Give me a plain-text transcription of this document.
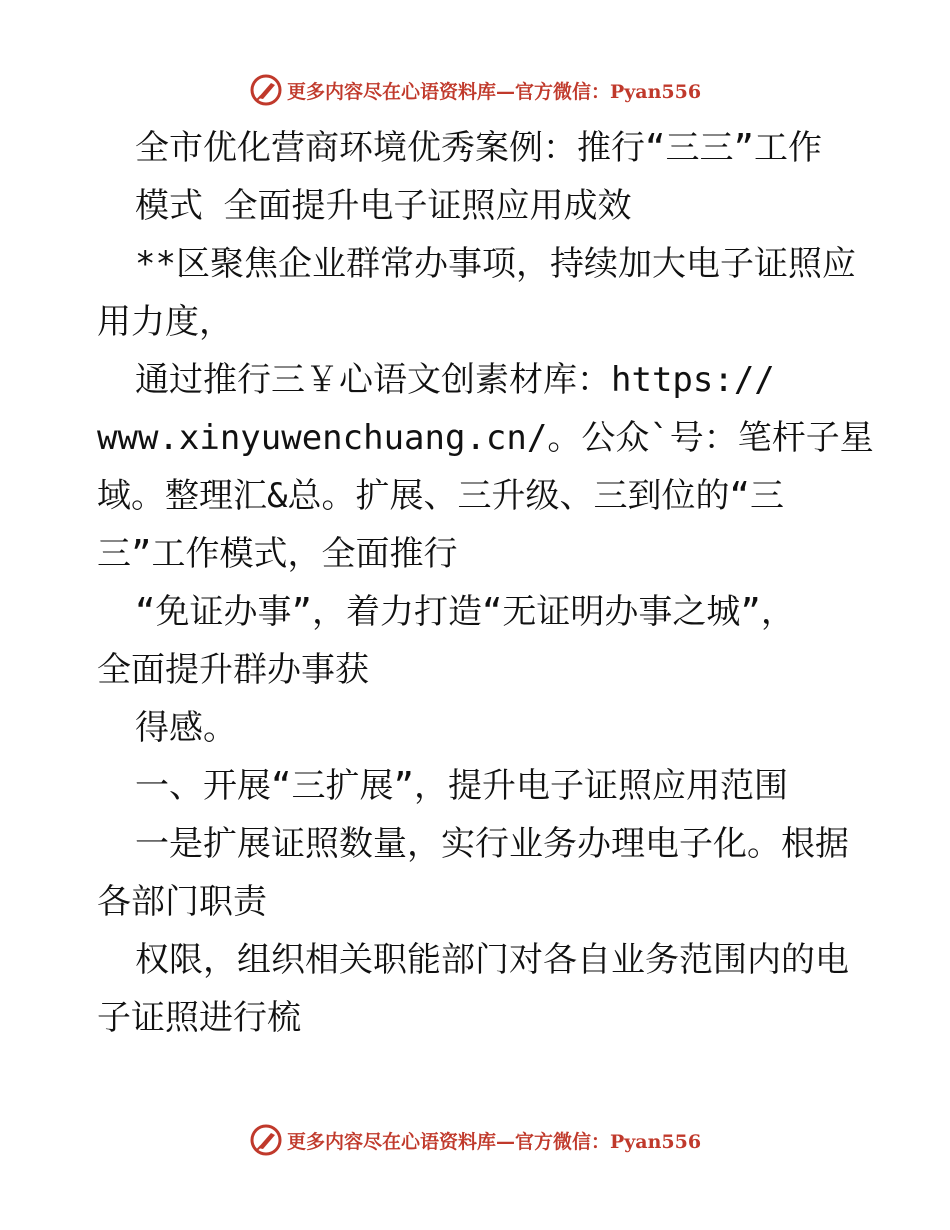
更多内容尽在心语资料库—官方微信：Pyan556
全市优化营商环境优秀案例：推行“三三”工作
模式 全面提升电子证照应用成效
**区聚焦企业群常办事项，持续加大电子证照应
用力度，
通过推行三￥心语文创素材库：https://
www.xinyuwenchuang.cn/。公众`号：笔杆子星
域。整理汇&总。扩展、三升级、三到位的“三
三”工作模式，全面推行
“免证办事”，着力打造“无证明办事之城”，
全面提升群办事获
得感。
一、开展“三扩展”，提升电子证照应用范围
一是扩展证照数量，实行业务办理电子化。根据
各部门职责
权限，组织相关职能部门对各自业务范围内的电
子证照进行梳
更多内容尽在心语资料库—官方微信：Pyan556
